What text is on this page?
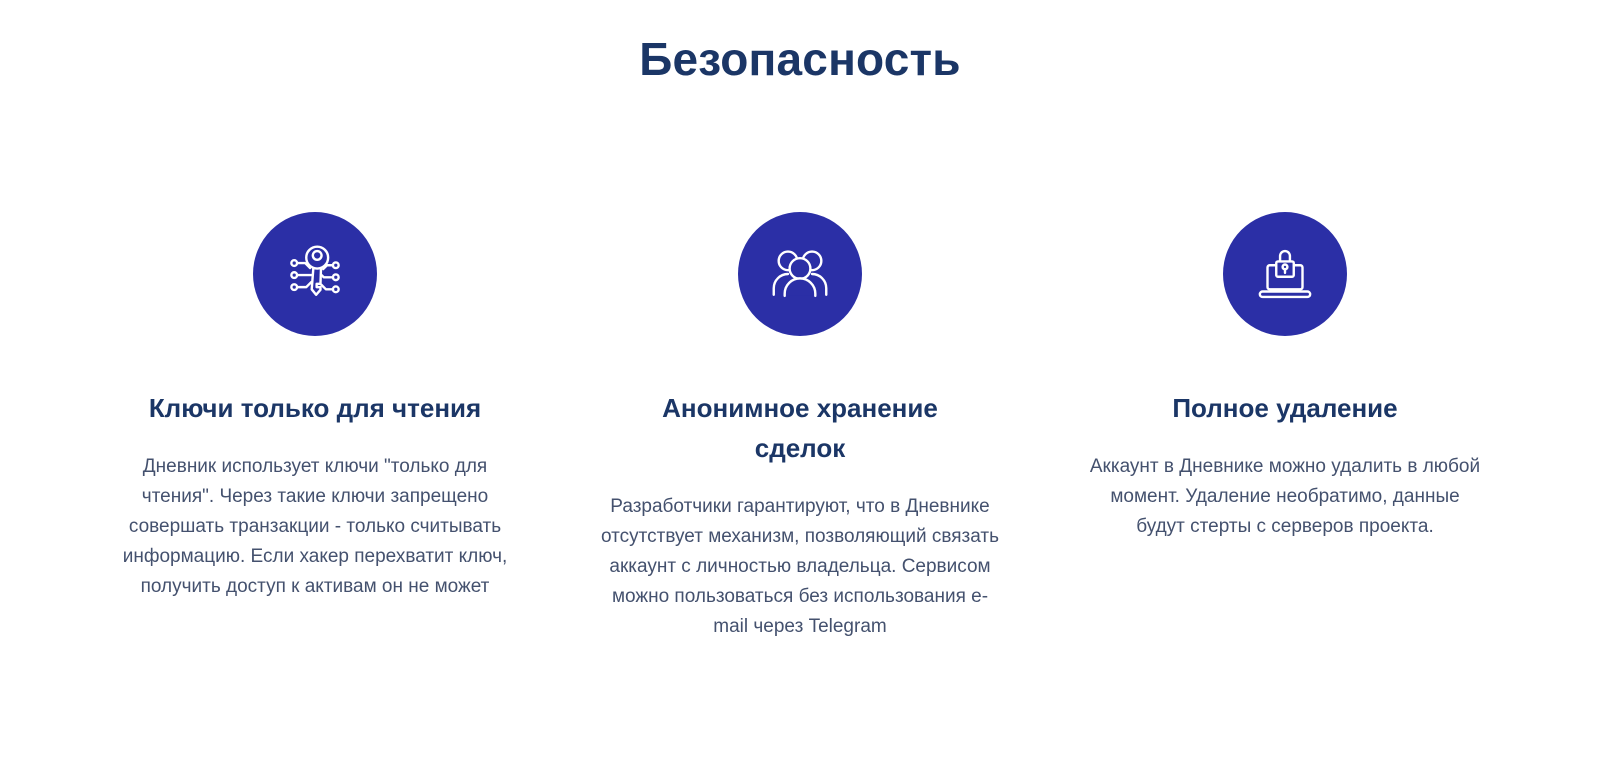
Безопасность
Ключи только для чтения

Дневник использует ключи "только для чтения". Через такие ключи запрещено совершать транзакции - только считывать информацию. Если хакер перехватит ключ, получить доступ к активам он не может

Анонимное хранение сделок

Разработчики гарантируют, что в Дневнике отсутствует механизм, позволяющий связать аккаунт с личностью владельца. Сервисом можно пользоваться без использования e-mail через Telegram

Полное удаление

Аккаунт в Дневнике можно удалить в любой момент. Удаление необратимо, данные будут стерты с серверов проекта.
